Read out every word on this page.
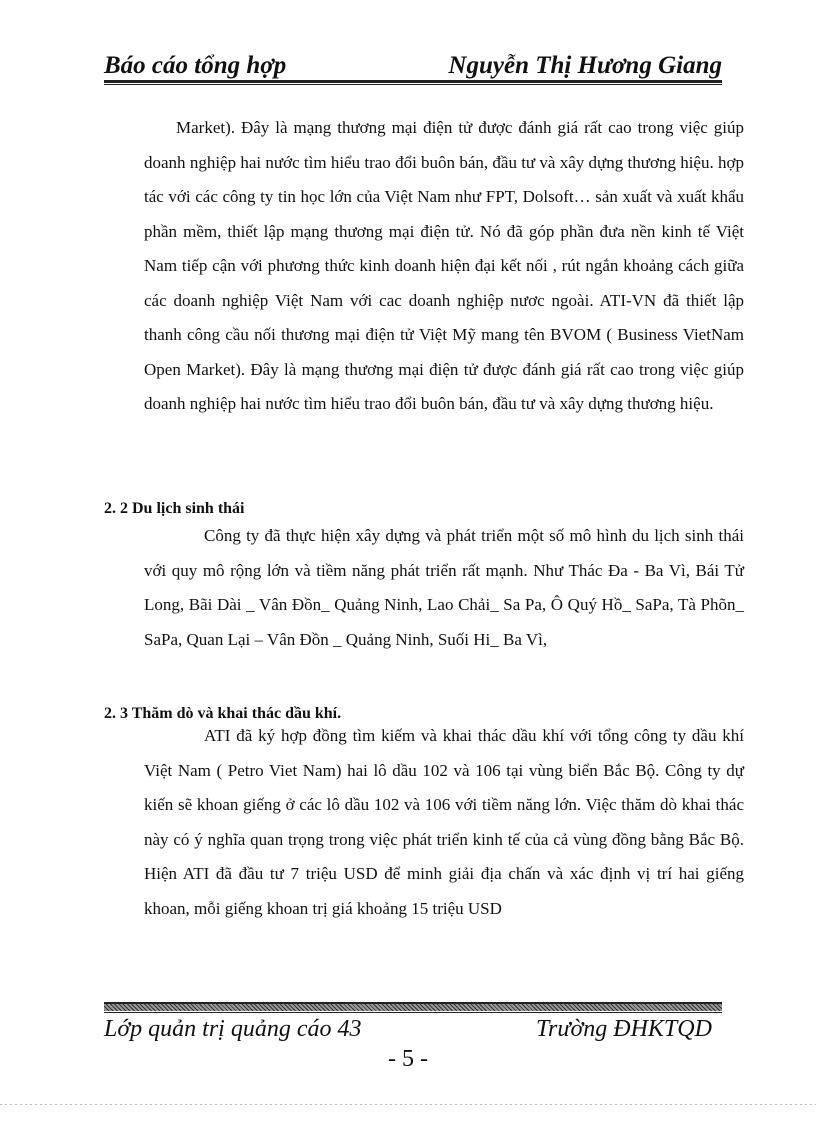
Báo cáo tổng hợp	Nguyễn Thị Hương Giang
Market). Đây là mạng thương mại điện tử được đánh giá rất cao trong việc giúp doanh nghiệp hai nước tìm hiểu trao đổi buôn bán, đầu tư và xây dựng thương hiệu. hợp tác với các công ty tin học lớn của Việt Nam như FPT, Dolsoft… sản xuất và xuất khẩu phần mềm, thiết lập mạng thương mại điện tử. Nó đã góp phần đưa nền kinh tế Việt Nam tiếp cận với phương thức kinh doanh hiện đại kết nối , rút ngắn khoảng cách giữa các doanh nghiệp Việt Nam với cac doanh nghiệp nươc ngoài. ATI-VN đã thiết lập thanh công cầu nối thương mại điện tử Việt Mỹ mang tên BVOM ( Business VietNam Open Market). Đây là mạng thương mại điện tử được đánh giá rất cao trong việc giúp doanh nghiệp hai nước tìm hiểu trao đổi buôn bán, đầu tư và xây dựng thương hiệu.
2. 2 Du lịch sinh thái
Công ty đã thực hiện xây dựng và phát triển một số mô hình du lịch sinh thái với quy mô rộng lớn và tiềm năng phát triển rất mạnh. Như Thác Đa - Ba Vì, Bái Tử Long, Bãi Dài _ Vân Đồn_ Quảng Ninh, Lao Chải_ Sa Pa, Ô Quý Hồ_ SaPa, Tà Phõn_ SaPa, Quan Lại – Vân Đồn _ Quảng Ninh, Suối Hi_ Ba Vì,
2. 3 Thăm dò và khai thác dầu khí.
ATI đã ký hợp đồng tìm kiếm và khai thác dầu khí với tổng công ty dầu khí Việt Nam ( Petro Viet Nam) hai lô dầu 102 và 106 tại vùng biển Bắc Bộ. Công ty dự kiến sẽ khoan giếng ở các lô dầu 102 và 106 với tiềm năng lớn. Việc thăm dò khai thác này có ý nghĩa quan trọng trong việc phát triển kinh tế của cả vùng đồng bằng Bắc Bộ. Hiện ATI đã đầu tư 7 triệu USD để minh giải địa chấn và xác định vị trí hai giếng khoan, mỗi giếng khoan trị giá khoảng 15 triệu USD
Lớp quản trị quảng cáo 43	Trường ĐHKTQD
- 5 -
